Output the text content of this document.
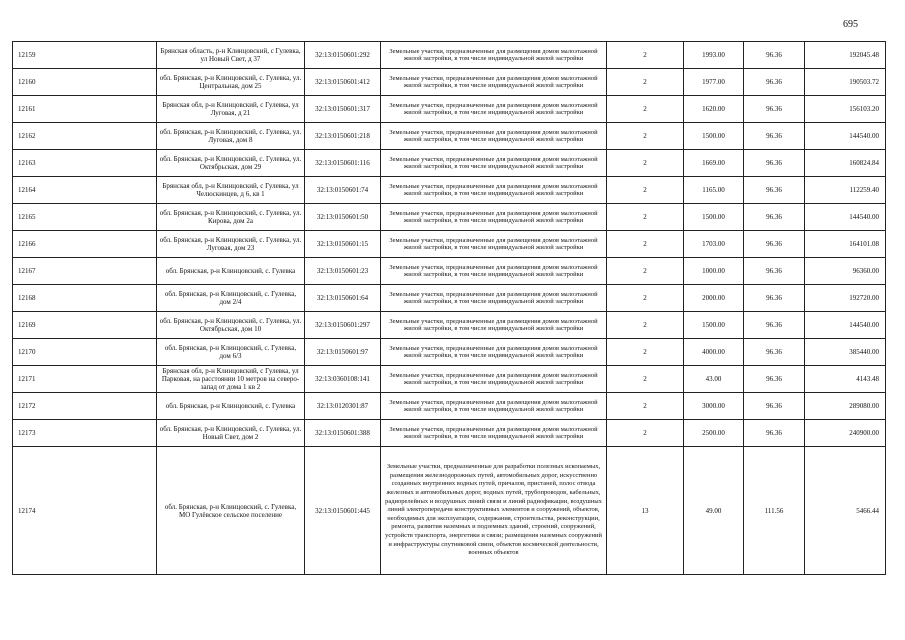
695
12159	Брянская область, р-н Клинцовский, с Гулевка, ул Новый Свет, д 37	32:13:0150601:292	Земельные участки, предназначенные для размещения домов малоэтажной жилой застройки, в том числе индивидуальной жилой застройки	2	1993.00	96.36	192045.48
12160	обл. Брянская, р-н Клинцовский, с. Гулевка, ул. Центральная, дом 25	32:13:0150601:412	Земельные участки, предназначенные для размещения домов малоэтажной жилой застройки, в том числе индивидуальной жилой застройки	2	1977.00	96.36	190503.72
12161	Брянская обл, р-н Клинцовский, с Гулевка, ул Луговая, д 21	32:13:0150601:317	Земельные участки, предназначенные для размещения домов малоэтажной жилой застройки, в том числе индивидуальной жилой застройки	2	1620.00	96.36	156103.20
12162	обл. Брянская, р-н Клинцовский, с. Гулевка, ул. Луговая, дом 8	32:13:0150601:218	Земельные участки, предназначенные для размещения домов малоэтажной жилой застройки, в том числе индивидуальной жилой застройки	2	1500.00	96.36	144540.00
12163	обл. Брянская, р-н Клинцовский, с. Гулевка, ул. Октябрьская, дом 29	32:13:0150601:116	Земельные участки, предназначенные для размещения домов малоэтажной жилой застройки, в том числе индивидуальной жилой застройки	2	1669.00	96.36	160824.84
12164	Брянская обл, р-н Клинцовский, с Гулевка, ул Челюскинцев, д 6, кв 1	32:13:0150601:74	Земельные участки, предназначенные для размещения домов малоэтажной жилой застройки, в том числе индивидуальной жилой застройки	2	1165.00	96.36	112259.40
12165	обл. Брянская, р-н Клинцовский, с. Гулевка, ул. Кирова, дом 2а	32:13:0150601:50	Земельные участки, предназначенные для размещения домов малоэтажной жилой застройки, в том числе индивидуальной жилой застройки	2	1500.00	96.36	144540.00
12166	обл. Брянская, р-н Клинцовский, с. Гулевка, ул. Луговая, дом 23	32:13:0150601:15	Земельные участки, предназначенные для размещения домов малоэтажной жилой застройки, в том числе индивидуальной жилой застройки	2	1703.00	96.36	164101.08
12167	обл. Брянская, р-н Клинцовский, с. Гулевка	32:13:0150601:23	Земельные участки, предназначенные для размещения домов малоэтажной жилой застройки, в том числе индивидуальной жилой застройки	2	1000.00	96.36	96360.00
12168	обл. Брянская, р-н Клинцовский, с. Гулевка, дом 2/4	32:13:0150601:64	Земельные участки, предназначенные для размещения домов малоэтажной жилой застройки, в том числе индивидуальной жилой застройки	2	2000.00	96.36	192720.00
12169	обл. Брянская, р-н Клинцовский, с. Гулевка, ул. Октябрьская, дом 10	32:13:0150601:297	Земельные участки, предназначенные для размещения домов малоэтажной жилой застройки, в том числе индивидуальной жилой застройки	2	1500.00	96.36	144540.00
12170	обл. Брянская, р-н Клинцовский, с. Гулевка, дом 6/3	32:13:0150601:97	Земельные участки, предназначенные для размещения домов малоэтажной жилой застройки, в том числе индивидуальной жилой застройки	2	4000.00	96.36	385440.00
12171	Брянская обл, р-н Клинцовский, с Гулевка, ул Парковая, на расстоянии 10 метров на северо-запад от дома 1 кв 2	32:13:0360108:141	Земельные участки, предназначенные для размещения домов малоэтажной жилой застройки, в том числе индивидуальной жилой застройки	2	43.00	96.36	4143.48
12172	обл. Брянская, р-н Клинцовский, с. Гулевка	32:13:0120301:87	Земельные участки, предназначенные для размещения домов малоэтажной жилой застройки, в том числе индивидуальной жилой застройки	2	3000.00	96.36	289080.00
12173	обл. Брянская, р-н Клинцовский, с. Гулевка, ул. Новый Свет, дом 2	32:13:0150601:388	Земельные участки, предназначенные для размещения домов малоэтажной жилой застройки, в том числе индивидуальной жилой застройки	2	2500.00	96.36	240900.00
12174	обл. Брянская, р-н Клинцовский, с. Гулевка, МО Гулёвское сельское поселение	32:13:0150601:445	Земельные участки, предназначенные для разработки полезных ископаемых, размещения железнодорожных путей, автомобильных дорог, искусственно созданных внутренних водных путей, причалов, пристаней, полос отвода железных и автомобильных дорог, водных путей, трубопроводов, кабельных, радиорелейных и воздушных линий связи и линий радиофикации, воздушных линий электропередачи конструктивных элементов и сооружений, объектов, необходимых для эксплуатации, содержания, строительства, реконструкции, ремонта, развития наземных и подземных зданий, строений, сооружений, устройств транспорта, энергетики и связи; размещения наземных сооружений и инфраструктуры спутниковой связи, объектов космической деятельности, военных объектов	13	49.00	111.56	5466.44
